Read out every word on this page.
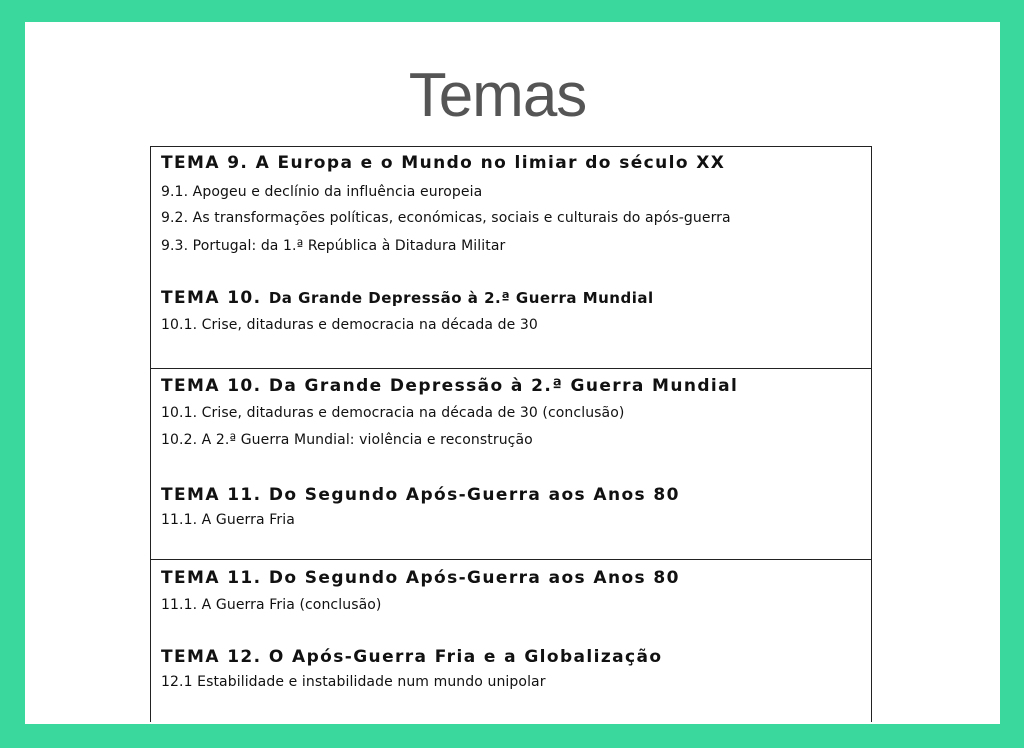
Temas
TEMA 9. A Europa e o Mundo no limiar do século XX
9.1. Apogeu e declínio da influência europeia
9.2. As transformações políticas, económicas, sociais e culturais do após-guerra
9.3. Portugal: da 1.ª República à Ditadura Militar
TEMA 10. Da Grande Depressão à 2.ª Guerra Mundial
10.1. Crise, ditaduras e democracia na década de 30
TEMA 10. Da Grande Depressão à 2.ª Guerra Mundial
10.1. Crise, ditaduras e democracia na década de 30 (conclusão)
10.2. A 2.ª Guerra Mundial: violência e reconstrução
TEMA 11. Do Segundo Após-Guerra aos Anos 80
11.1. A Guerra Fria
TEMA 11. Do Segundo Após-Guerra aos Anos 80
11.1. A Guerra Fria (conclusão)
TEMA 12. O Após-Guerra Fria e a Globalização
12.1 Estabilidade e instabilidade num mundo unipolar
